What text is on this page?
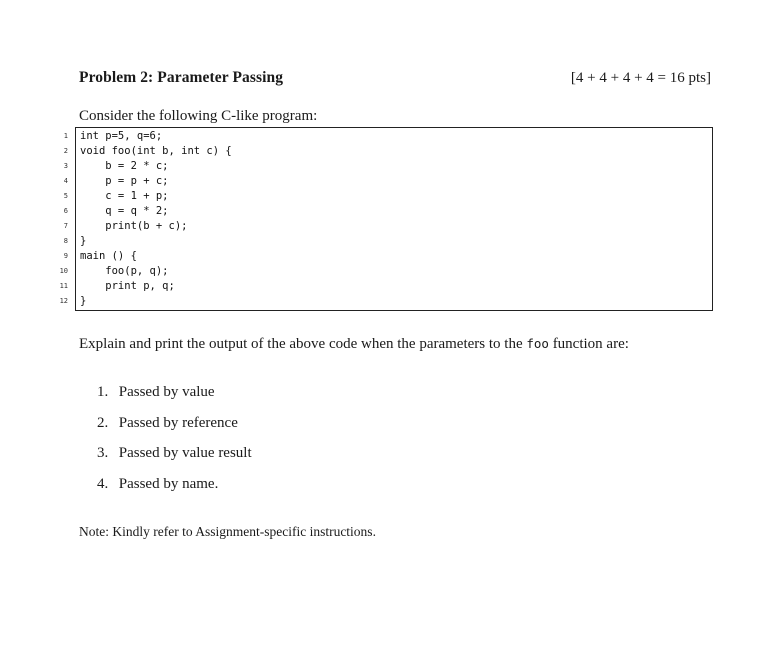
Problem 2: Parameter Passing	[4 + 4 + 4 + 4 = 16 pts]
Consider the following C-like program:
1
2
3
4
5
6
7
8
9
10
11
12
int p=5, q=6;
void foo(int b, int c) {
b = 2 * c;
p = p + c;
c = 1 + p;
q = q * 2;
print(b + c);
}
main () {
foo(p, q);
print p, q;
}
Explain and print the output of the above code when the parameters to the foo function are:
1. Passed by value
2. Passed by reference
3. Passed by value result
4. Passed by name.
Note: Kindly refer to Assignment-specific instructions.
